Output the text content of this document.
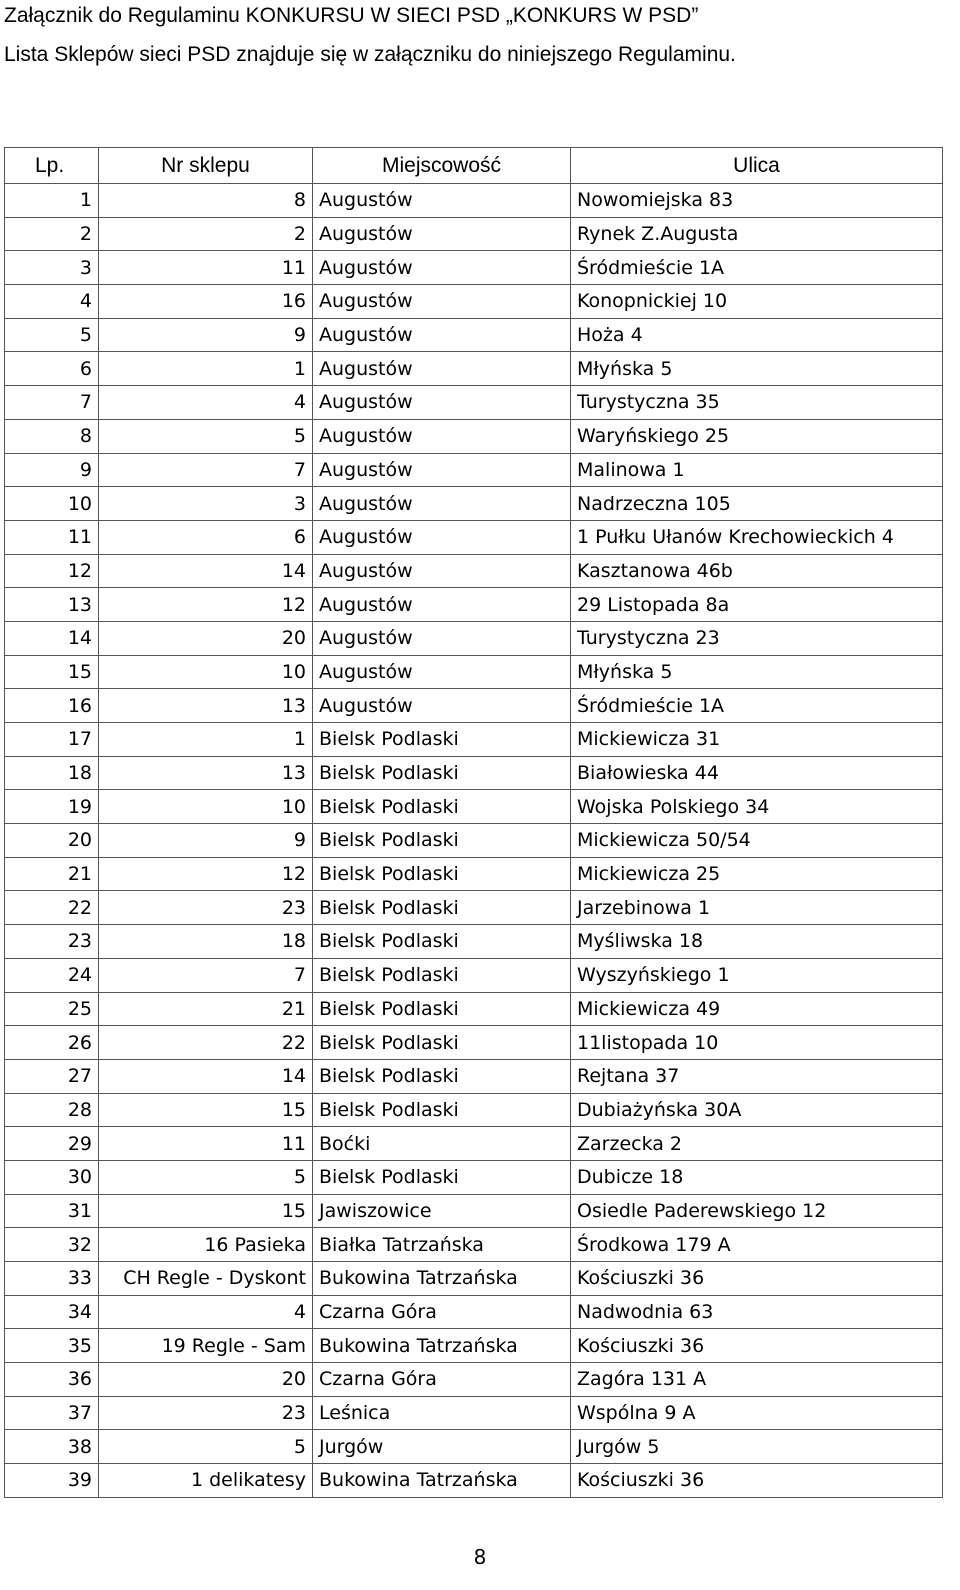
Załącznik do Regulaminu KONKURSU W SIECI PSD „KONKURS W PSD”
Lista Sklepów sieci PSD znajduje się w załączniku do niniejszego Regulaminu.
Lp.	Nr sklepu	Miejscowość	Ulica
1	8	Augustów	Nowomiejska 83
2	2	Augustów	Rynek Z.Augusta
3	11	Augustów	Śródmieście 1A
4	16	Augustów	Konopnickiej 10
5	9	Augustów	Hoża 4
6	1	Augustów	Młyńska 5
7	4	Augustów	Turystyczna 35
8	5	Augustów	Waryńskiego 25
9	7	Augustów	Malinowa 1
10	3	Augustów	Nadrzeczna 105
11	6	Augustów	1 Pułku Ułanów Krechowieckich 4
12	14	Augustów	Kasztanowa 46b
13	12	Augustów	29 Listopada 8a
14	20	Augustów	Turystyczna 23
15	10	Augustów	Młyńska 5
16	13	Augustów	Śródmieście 1A
17	1	Bielsk Podlaski	Mickiewicza 31
18	13	Bielsk Podlaski	Białowieska 44
19	10	Bielsk Podlaski	Wojska Polskiego 34
20	9	Bielsk Podlaski	Mickiewicza 50/54
21	12	Bielsk Podlaski	Mickiewicza 25
22	23	Bielsk Podlaski	Jarzebinowa 1
23	18	Bielsk Podlaski	Myśliwska 18
24	7	Bielsk Podlaski	Wyszyńskiego 1
25	21	Bielsk Podlaski	Mickiewicza 49
26	22	Bielsk Podlaski	11listopada 10
27	14	Bielsk Podlaski	Rejtana 37
28	15	Bielsk Podlaski	Dubiażyńska 30A
29	11	Boćki	Zarzecka 2
30	5	Bielsk Podlaski	Dubicze 18
31	15	Jawiszowice	Osiedle Paderewskiego 12
32	16 Pasieka	Białka Tatrzańska	Środkowa 179 A
33	CH Regle - Dyskont	Bukowina Tatrzańska	Kościuszki 36
34	4	Czarna Góra	Nadwodnia 63
35	19 Regle - Sam	Bukowina Tatrzańska	Kościuszki 36
36	20	Czarna Góra	Zagóra 131 A
37	23	Leśnica	Wspólna 9 A
38	5	Jurgów	Jurgów 5
39	1 delikatesy	Bukowina Tatrzańska	Kościuszki 36
8
